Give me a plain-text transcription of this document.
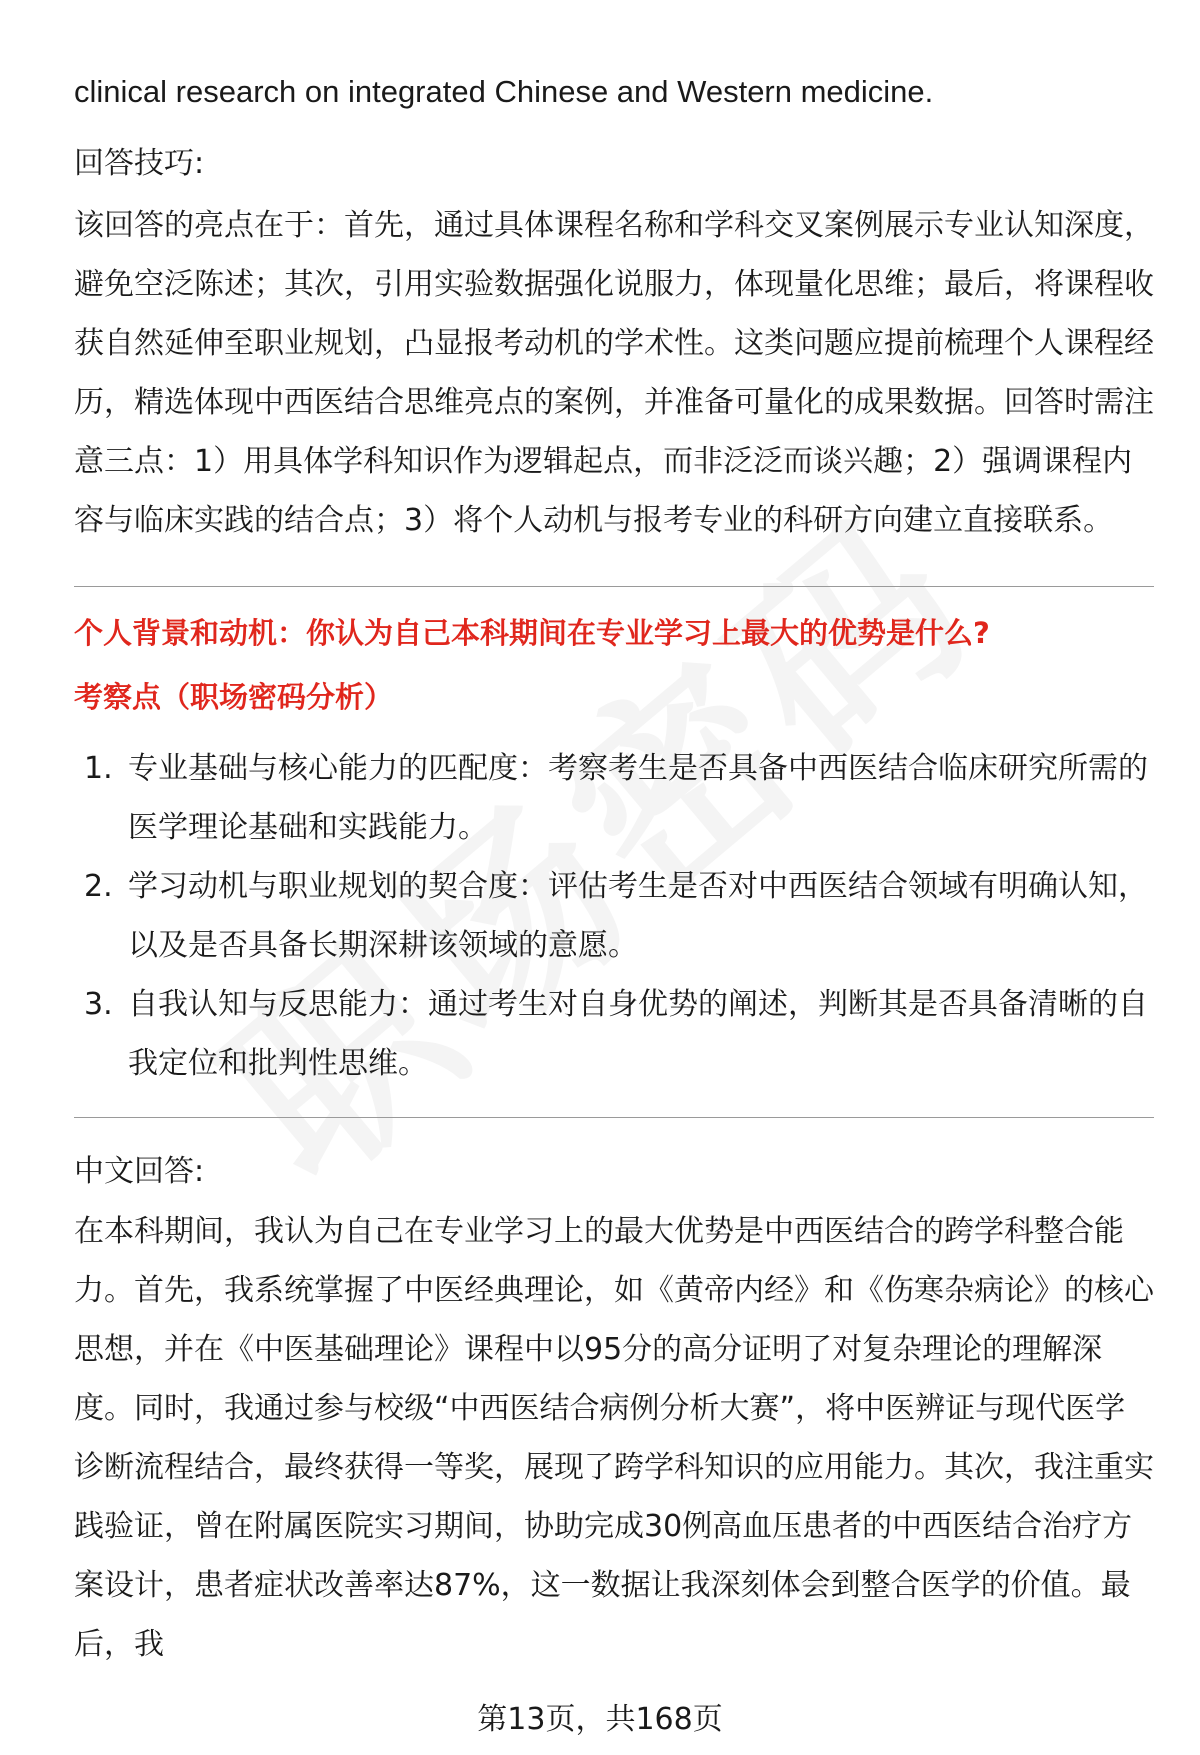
clinical research on integrated Chinese and Western medicine.

回答技巧:

该回答的亮点在于：首先，通过具体课程名称和学科交叉案例展示专业认知深度，避免空泛陈述；其次，引用实验数据强化说服力，体现量化思维；最后，将课程收获自然延伸至职业规划，凸显报考动机的学术性。这类问题应提前梳理个人课程经历，精选体现中西医结合思维亮点的案例，并准备可量化的成果数据。回答时需注意三点：1）用具体学科知识作为逻辑起点，而非泛泛而谈兴趣；2）强调课程内容与临床实践的结合点；3）将个人动机与报考专业的科研方向建立直接联系。

个人背景和动机：你认为自己本科期间在专业学习上最大的优势是什么?

考察点（职场密码分析）

1. 专业基础与核心能力的匹配度：考察考生是否具备中西医结合临床研究所需的医学理论基础和实践能力。
2. 学习动机与职业规划的契合度：评估考生是否对中西医结合领域有明确认知，以及是否具备长期深耕该领域的意愿。
3. 自我认知与反思能力：通过考生对自身优势的阐述，判断其是否具备清晰的自我定位和批判性思维。

中文回答:

在本科期间，我认为自己在专业学习上的最大优势是中西医结合的跨学科整合能力。首先，我系统掌握了中医经典理论，如《黄帝内经》和《伤寒杂病论》的核心思想，并在《中医基础理论》课程中以95分的高分证明了对复杂理论的理解深度。同时，我通过参与校级“中西医结合病例分析大赛”，将中医辨证与现代医学诊断流程结合，最终获得一等奖，展现了跨学科知识的应用能力。其次，我注重实践验证，曾在附属医院实习期间，协助完成30例高血压患者的中西医结合治疗方案设计，患者症状改善率达87%，这一数据让我深刻体会到整合医学的价值。最后，我

第13页，共168页
